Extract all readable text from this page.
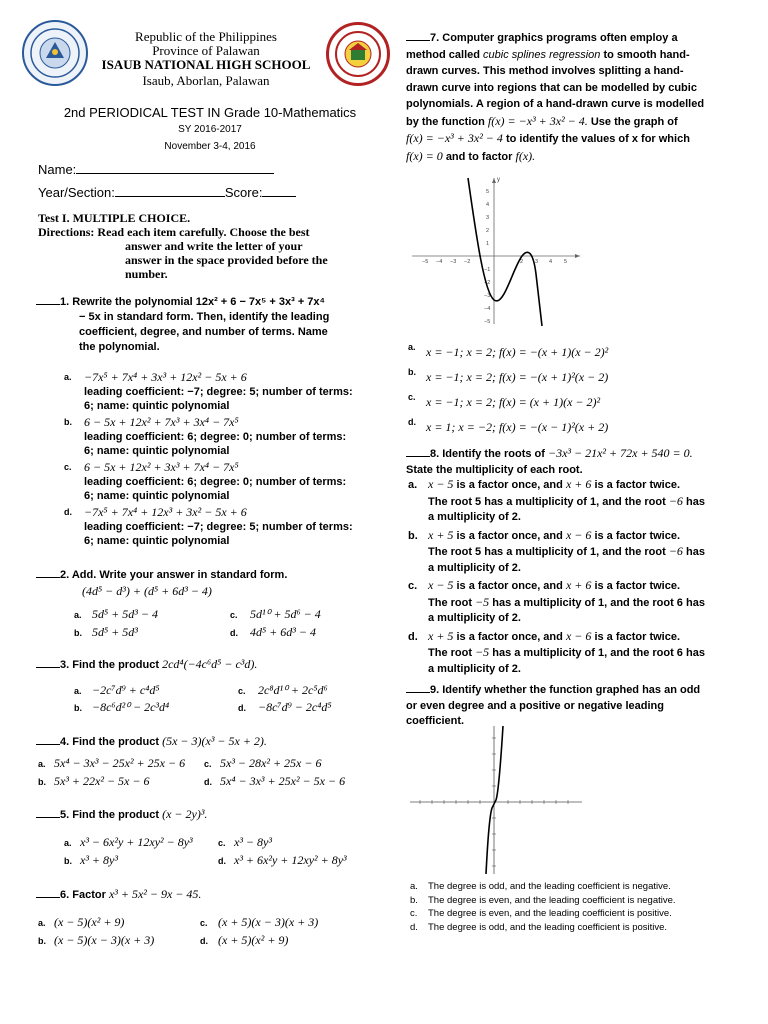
Republic of the Philippines
Province of Palawan
ISAUB NATIONAL HIGH SCHOOL
Isaub, Aborlan, Palawan
2nd PERIODICAL TEST IN Grade 10-Mathematics
SY 2016-2017
November 3-4, 2016
Name:
Year/Section:	Score:
Test I. MULTIPLE CHOICE.
Directions: Read each item carefully. Choose the best
answer and write the letter of your
answer in the space provided before the
number.
1. Rewrite the polynomial 12x² + 6 − 7x⁵ + 3x³ + 7x⁴
− 5x in standard form. Then, identify the leading
coefficient, degree, and number of terms. Name
the polynomial.
a. −7x⁵ + 7x⁴ + 3x³ + 12x² − 5x + 6
leading coefficient: −7; degree: 5; number of terms:
6; name: quintic polynomial
b. 6 − 5x + 12x² + 7x³ + 3x⁴ − 7x⁵
leading coefficient: 6; degree: 0; number of terms:
6; name: quintic polynomial
c. 6 − 5x + 12x² + 3x³ + 7x⁴ − 7x⁵
leading coefficient: 6; degree: 0; number of terms:
6; name: quintic polynomial
d. −7x⁵ + 7x⁴ + 12x³ + 3x² − 5x + 6
leading coefficient: −7; degree: 5; number of terms:
6; name: quintic polynomial
2. Add. Write your answer in standard form.
(4d⁵ − d³) + (d⁵ + 6d³ − 4)
a. 5d⁵ + 5d³ − 4	c. 5d¹⁰ + 5d⁶ − 4
b. 5d⁵ + 5d³	d. 4d⁵ + 6d³ − 4
3. Find the product 2cd⁴(−4c⁶d⁵ − c³d).
a. −2c⁷d⁹ + c⁴d⁵	c. 2c⁸d¹⁰ + 2c⁵d⁶
b. −8c⁶d²⁰ − 2c³d⁴	d. −8c⁷d⁹ − 2c⁴d⁵
4. Find the product (5x − 3)(x³ − 5x + 2).
a. 5x⁴ − 3x³ − 25x² + 25x − 6 c. 5x³ − 28x² + 25x − 6
b. 5x³ + 22x² − 5x − 6	d. 5x⁴ − 3x³ + 25x² − 5x − 6
5. Find the product (x − 2y)³.
a. x³ − 6x²y + 12xy² − 8y³	c. x³ − 8y³
b. x³ + 8y³	d. x³ + 6x²y + 12xy² + 8y³
6. Factor x³ + 5x² − 9x − 45.
a. (x − 5)(x² + 9)	c. (x + 5)(x − 3)(x + 3)
b. (x − 5)(x − 3)(x + 3)	d. (x + 5)(x² + 9)
7. Computer graphics programs often employ a
method called cubic splines regression to smooth hand-
drawn curves. This method involves splitting a hand-
drawn curve into regions that can be modelled by cubic
polynomials. A region of a hand-drawn curve is modelled
by the function f(x) = −x³ + 3x² − 4. Use the graph of
f(x) = −x³ + 3x² − 4 to identify the values of x for which
f(x) = 0 and to factor f(x).
y
−5 −4 −3 −2	2 3 4 5
5
4
3
2
1
−1
−2
−3
−4
−5
a. x = −1; x = 2; f(x) = −(x + 1)(x − 2)²
b. x = −1; x = 2; f(x) = −(x + 1)²(x − 2)
c. x = −1; x = 2; f(x) = (x + 1)(x − 2)²
d. x = 1; x = −2; f(x) = −(x − 1)²(x + 2)
8. Identify the roots of −3x³ − 21x² + 72x + 540 = 0.
State the multiplicity of each root.
a. x − 5 is a factor once, and x + 6 is a factor twice.
The root 5 has a multiplicity of 1, and the root −6 has
a multiplicity of 2.
b. x + 5 is a factor once, and x − 6 is a factor twice.
The root 5 has a multiplicity of 1, and the root −6 has
a multiplicity of 2.
c. x − 5 is a factor once, and x + 6 is a factor twice.
The root −5 has a multiplicity of 1, and the root 6 has
a multiplicity of 2.
d. x + 5 is a factor once, and x − 6 is a factor twice.
The root −5 has a multiplicity of 1, and the root 6 has
a multiplicity of 2.
9. Identify whether the function graphed has an odd
or even degree and a positive or negative leading
coefficient.
a. The degree is odd, and the leading coefficient is negative.
b. The degree is even, and the leading coefficient is negative.
c. The degree is even, and the leading coefficient is positive.
d. The degree is odd, and the leading coefficient is positive.
